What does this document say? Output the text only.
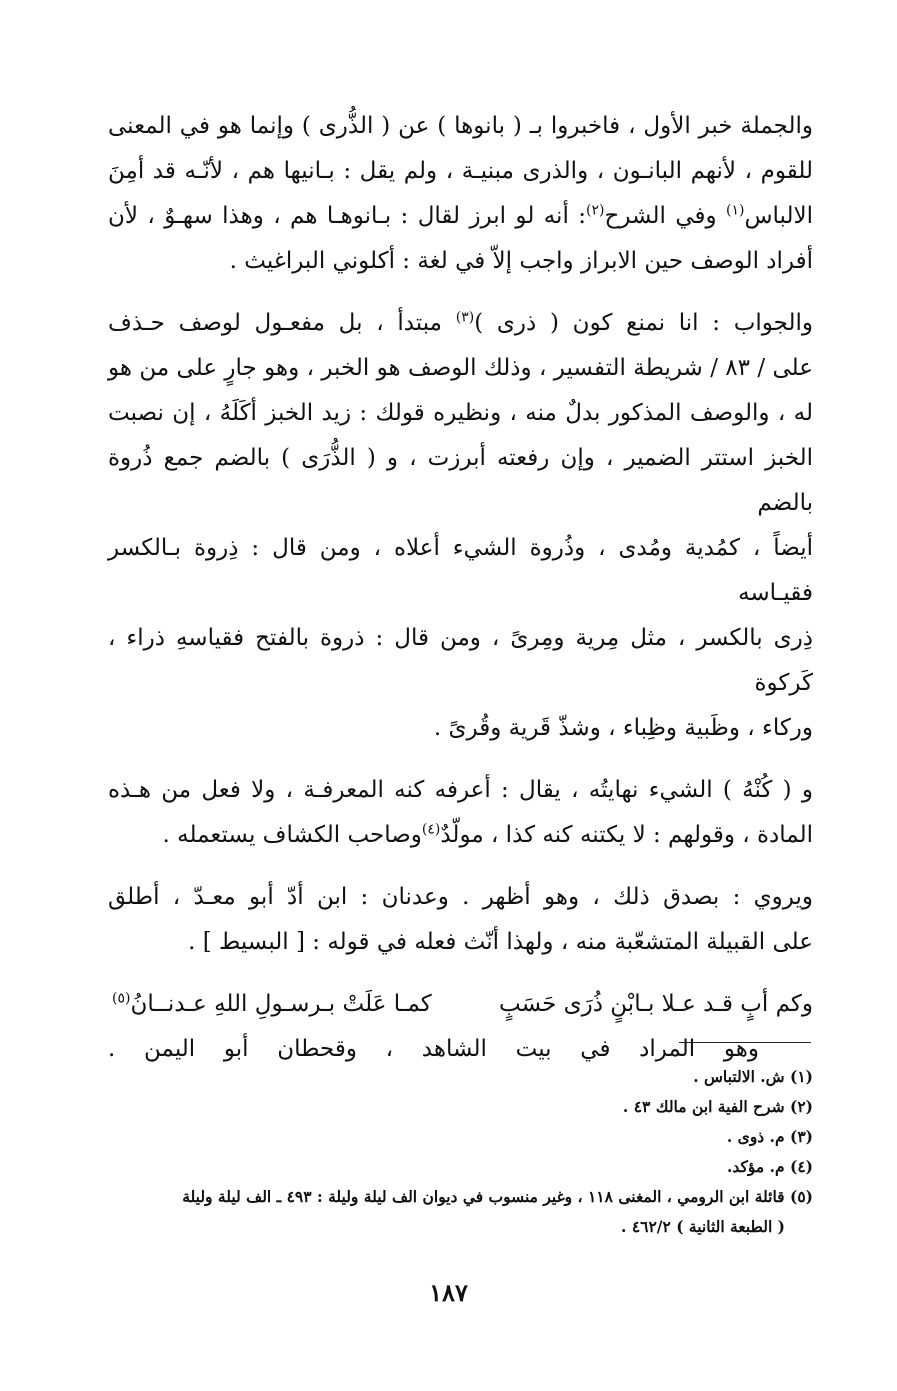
والجملة خبر الأول ، فاخبروا بـ ( بانوها ) عن ( الذُّرى ) وإنما هو في المعنى

للقوم ، لأنهم البانـون ، والذرى مبنيـة ، ولم يقل : بـانيها هم ، لأنّـه قد أمِنَ

الالباس$^{(١)}$ وفي الشرح$^{(٢)}$: أنه لو ابرز لقال : بـانوهـا هم ، وهذا سهـوٌ ، لأن

أفراد الوصف حين الابراز واجب إلاّ في لغة : أكلوني البراغيث .

والجواب : انا نمنع كون ( ذرى )$^{(٣)}$ مبتدأ ، بل مفعـول لوصف حـذف

على / ٨٣ / شريطة التفسير ، وذلك الوصف هو الخبر ، وهو جارٍ على من هو

له ، والوصف المذكور بدلٌ منه ، ونظيره قولك : زيد الخبز أكَلَهُ ، إن نصبت

الخبز استتر الضمير ، وإن رفعته أبرزت ، و ( الذُّرَى ) بالضم جمع ذُروة بالضم

أيضاً ، كمُدية ومُدى ، وذُروة الشيء أعلاه ، ومن قال : ذِروة بـالكسر فقيـاسه

ذِرى بالكسر ، مثل مِرية ومِرىً ، ومن قال : ذروة بالفتح فقياسهِ ذراء ، كَركوة

وركاء ، وظَبية وظِباء ، وشذّ قَرية وقُرىً .

و ( كُنْهُ ) الشيء نهايتُه ، يقال : أعرفه كنه المعرفـة ، ولا فعل من هـذه

المادة ، وقولهم : لا يكتنه كنه كذا ، مولّدٌ$^{(٤)}$وصاحب الكشاف يستعمله .

ويروي : بصدق ذلك ، وهو أظهر . وعدنان : ابن أدّ أبو معـدّ ، أطلق

على القبيلة المتشعّبة منه ، ولهذا أنّث فعله في قوله : [ البسيط ] .

وكم أبٍ قـد عـلا بـابْنٍ ذُرَى حَسَبٍ
كمـا عَلَتْ بـرسـولِ اللهِ عـدنــانُ$^{(٥)}$

وهو المراد في بيت الشاهد ، وقحطان أبو اليمن .

(١) ش. الالتباس .

(٢) شرح الفية ابن مالك ٤٣ .

(٣) م. ذوى .

(٤) م. مؤكد.

(٥) قائلة ابن الرومي ، المغنى ١١٨ ، وغير منسوب في ديوان الف ليلة وليلة : ٤٩٣ ـ الف ليلة وليلة

( الطبعة الثانية ) ٤٦٢/٢ .

١٨٧
